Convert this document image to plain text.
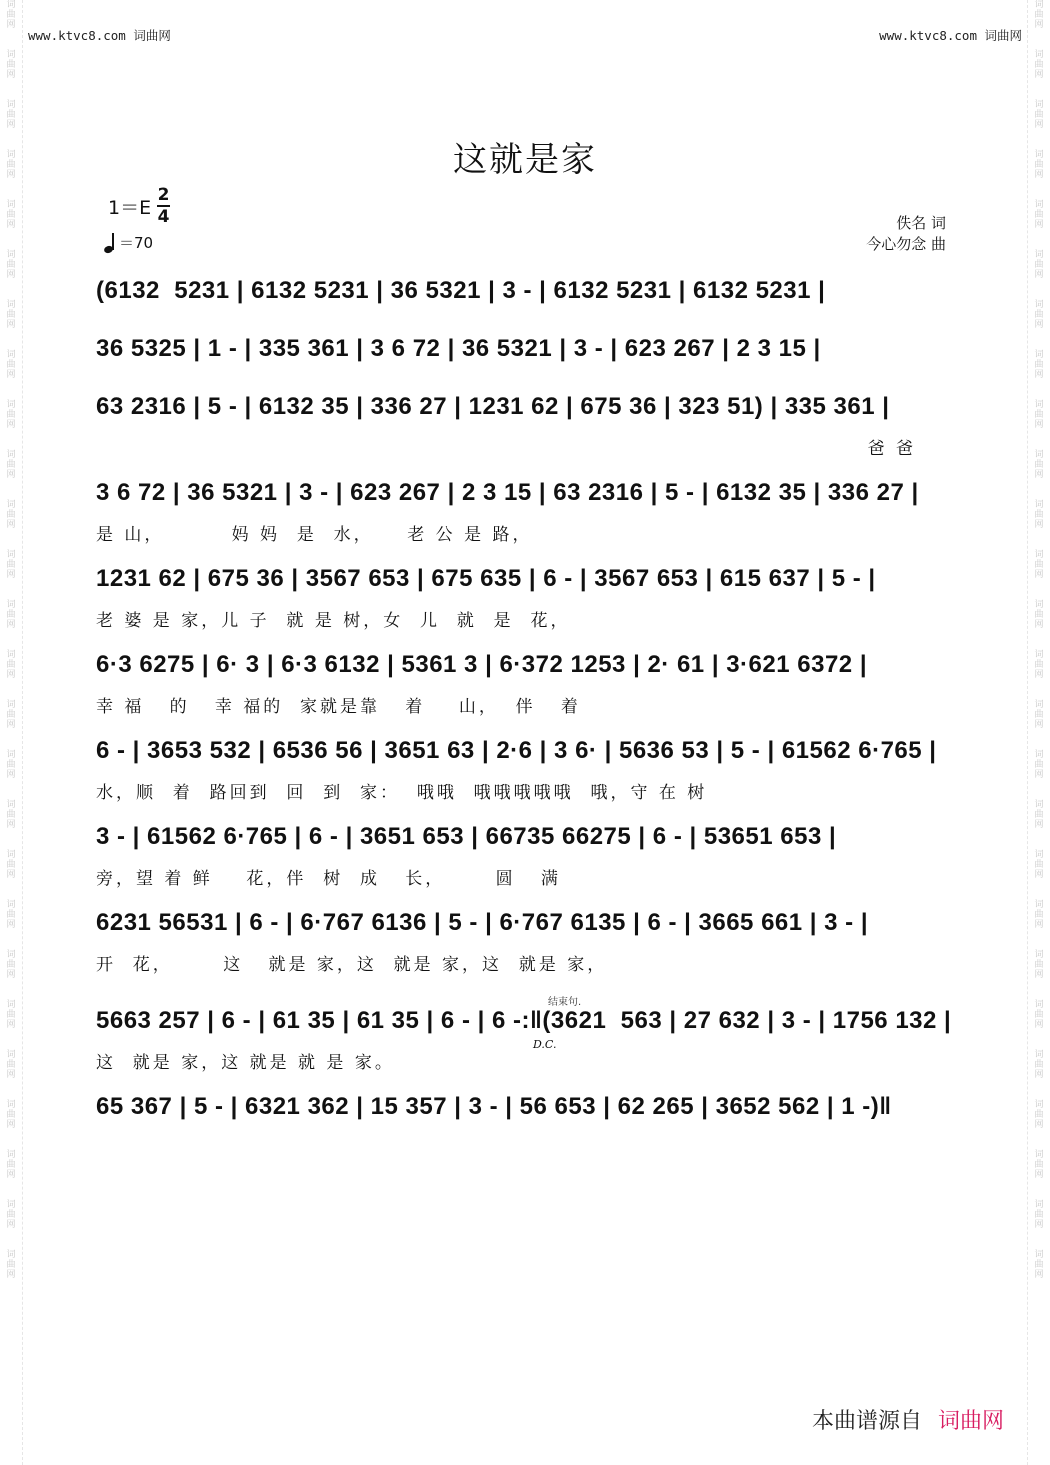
词
曲
网

词
曲
网

词
曲
网

词
曲
网

词
曲
网

词
曲
网

词
曲
网

词
曲
网

词
曲
网

词
曲
网

词
曲
网

词
曲
网

词
曲
网

词
曲
网

词
曲
网

词
曲
网

词
曲
网

词
曲
网

词
曲
网

词
曲
网

词
曲
网

词
曲
网

词
曲
网

词
曲
网

词
曲
网

词
曲
网

词
曲
网

词
曲
网

词
曲
网

词
曲
网

词
曲
网

词
曲
网

词
曲
网

词
曲
网

词
曲
网

词
曲
网

词
曲
网

词
曲
网

词
曲
网

词
曲
网

词
曲
网

词
曲
网

词
曲
网

词
曲
网

词
曲
网

词
曲
网

词
曲
网

词
曲
网

词
曲
网

词
曲
网

词
曲
网

词
曲
网

www.ktvc8.com 词曲网	www.ktvc8.com 词曲网
这就是家
1＝E
2
4
＝70
佚名 词
今心勿念 曲
(6132  5231 | 6132 5231 | 36 5321 | 3 - | 6132 5231 | 6132 5231 |
36 5325 | 1 - | 335 361 | 3 6 72 | 36 5321 | 3 - | 623 267 | 2 3 15 |
63 2316 | 5 - | 6132 35 | 336 27 | 1231 62 | 675 36 | 323 51) | 335 361 |
爸 爸
3 6 72 | 36 5321 | 3 - | 623 267 | 2 3 15 | 63 2316 | 5 - | 6132 35 | 336 27 |
是 山，        妈 妈  是  水，    老 公 是 路，
1231 62 | 675 36 | 3567 653 | 675 635 | 6 - | 3567 653 | 615 637 | 5 - |
老 婆 是 家，儿 子  就 是 树，女  儿  就  是  花，
6·3 6275 | 6· 3 | 6·3 6132 | 5361 3 | 6·372 1253 | 2· 61 | 3·621 6372 |
幸 福   的   幸 福的  家就是靠   着    山，  伴   着
6 - | 3653 532 | 6536 56 | 3651 63 | 2·6 | 3 6· | 5636 53 | 5 - | 61562 6·765 |
水，顺  着  路回到  回  到  家：  哦哦  哦哦哦哦哦  哦，守 在 树
3 - | 61562 6·765 | 6 - | 3651 653 | 66735 66275 | 6 - | 53651 653 |
旁，望 着 鲜    花，伴  树  成   长，      圆   满
6231 56531 | 6 - | 6·767 6136 | 5 - | 6·767 6135 | 6 - | 3665 661 | 3 - |
开  花，      这   就是 家，这  就是 家，这  就是 家，
结束句.
5663 257 | 6 - | 61 35 | 61 35 | 6 - | 6 -:‖(3621  563 | 27 632 | 3 - | 1756 132 |
D.C.
这  就是 家，这 就是 就 是 家。
65 367 | 5 - | 6321 362 | 15 357 | 3 - | 56 653 | 62 265 | 3652 562 | 1 -)‖
本曲谱源自 词曲网
